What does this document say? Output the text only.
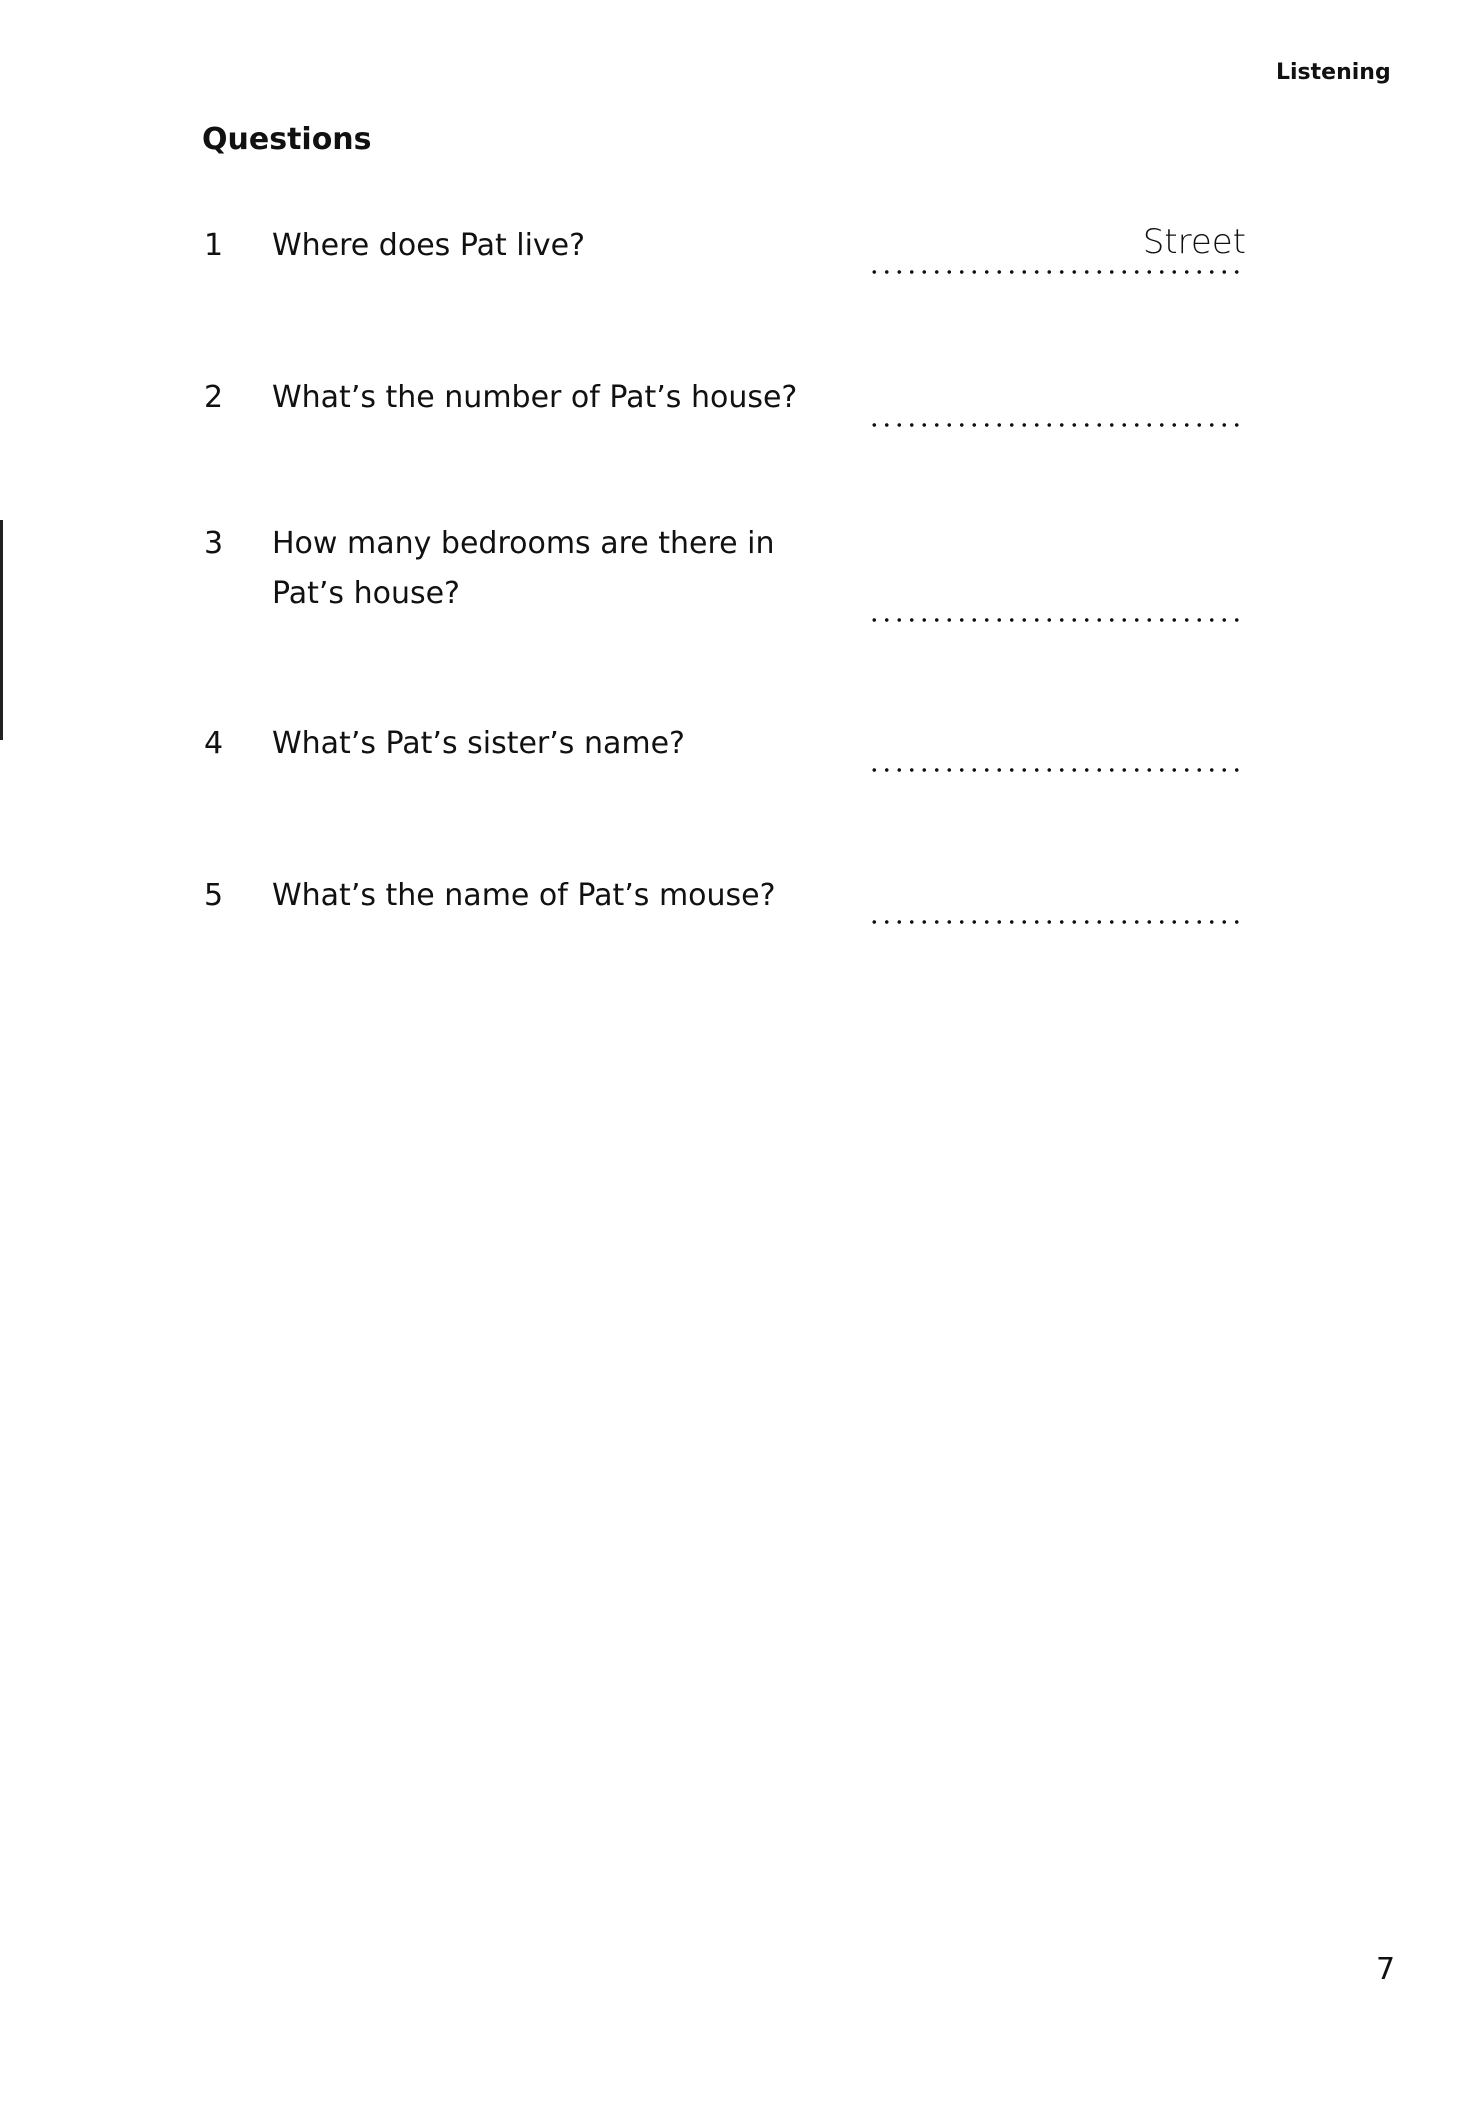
Listening
Questions
1 Where does Pat live?	Street
2 What’s the number of Pat’s house?
3 How many bedrooms are there in
Pat’s house?
4 What’s Pat’s sister’s name?
5 What’s the name of Pat’s mouse?
7
